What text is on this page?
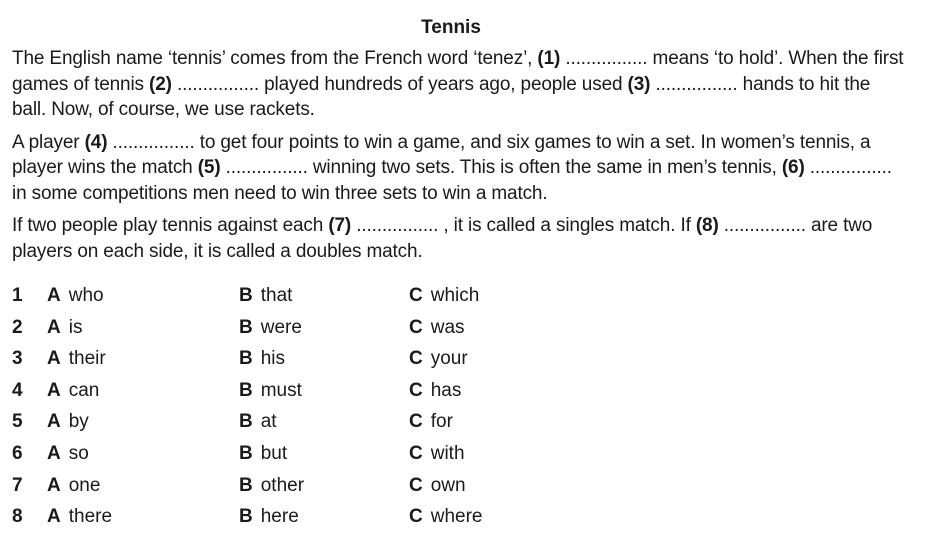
Tennis

The English name ‘tennis’ comes from the French word ‘tenez’, (1) ................ means ‘to hold’. When the first games of tennis (2) ................ played hundreds of years ago, people used (3) ................ hands to hit the ball. Now, of course, we use rackets.

A player (4) ................ to get four points to win a game, and six games to win a set. In women’s tennis, a player wins the match (5) ................ winning two sets. This is often the same in men’s tennis, (6) ................ in some competitions men need to win three sets to win a match.

If two people play tennis against each (7) ................ , it is called a singles match. If (8) ................ are two players on each side, it is called a doubles match.

1 A who	B that	C which
2 A is	B were	C was
3 A their	B his	C your
4 A can	B must	C has
5 A by	B at	C for
6 A so	B but	C with
7 A one	B other	C own
8 A there	B here	C where
